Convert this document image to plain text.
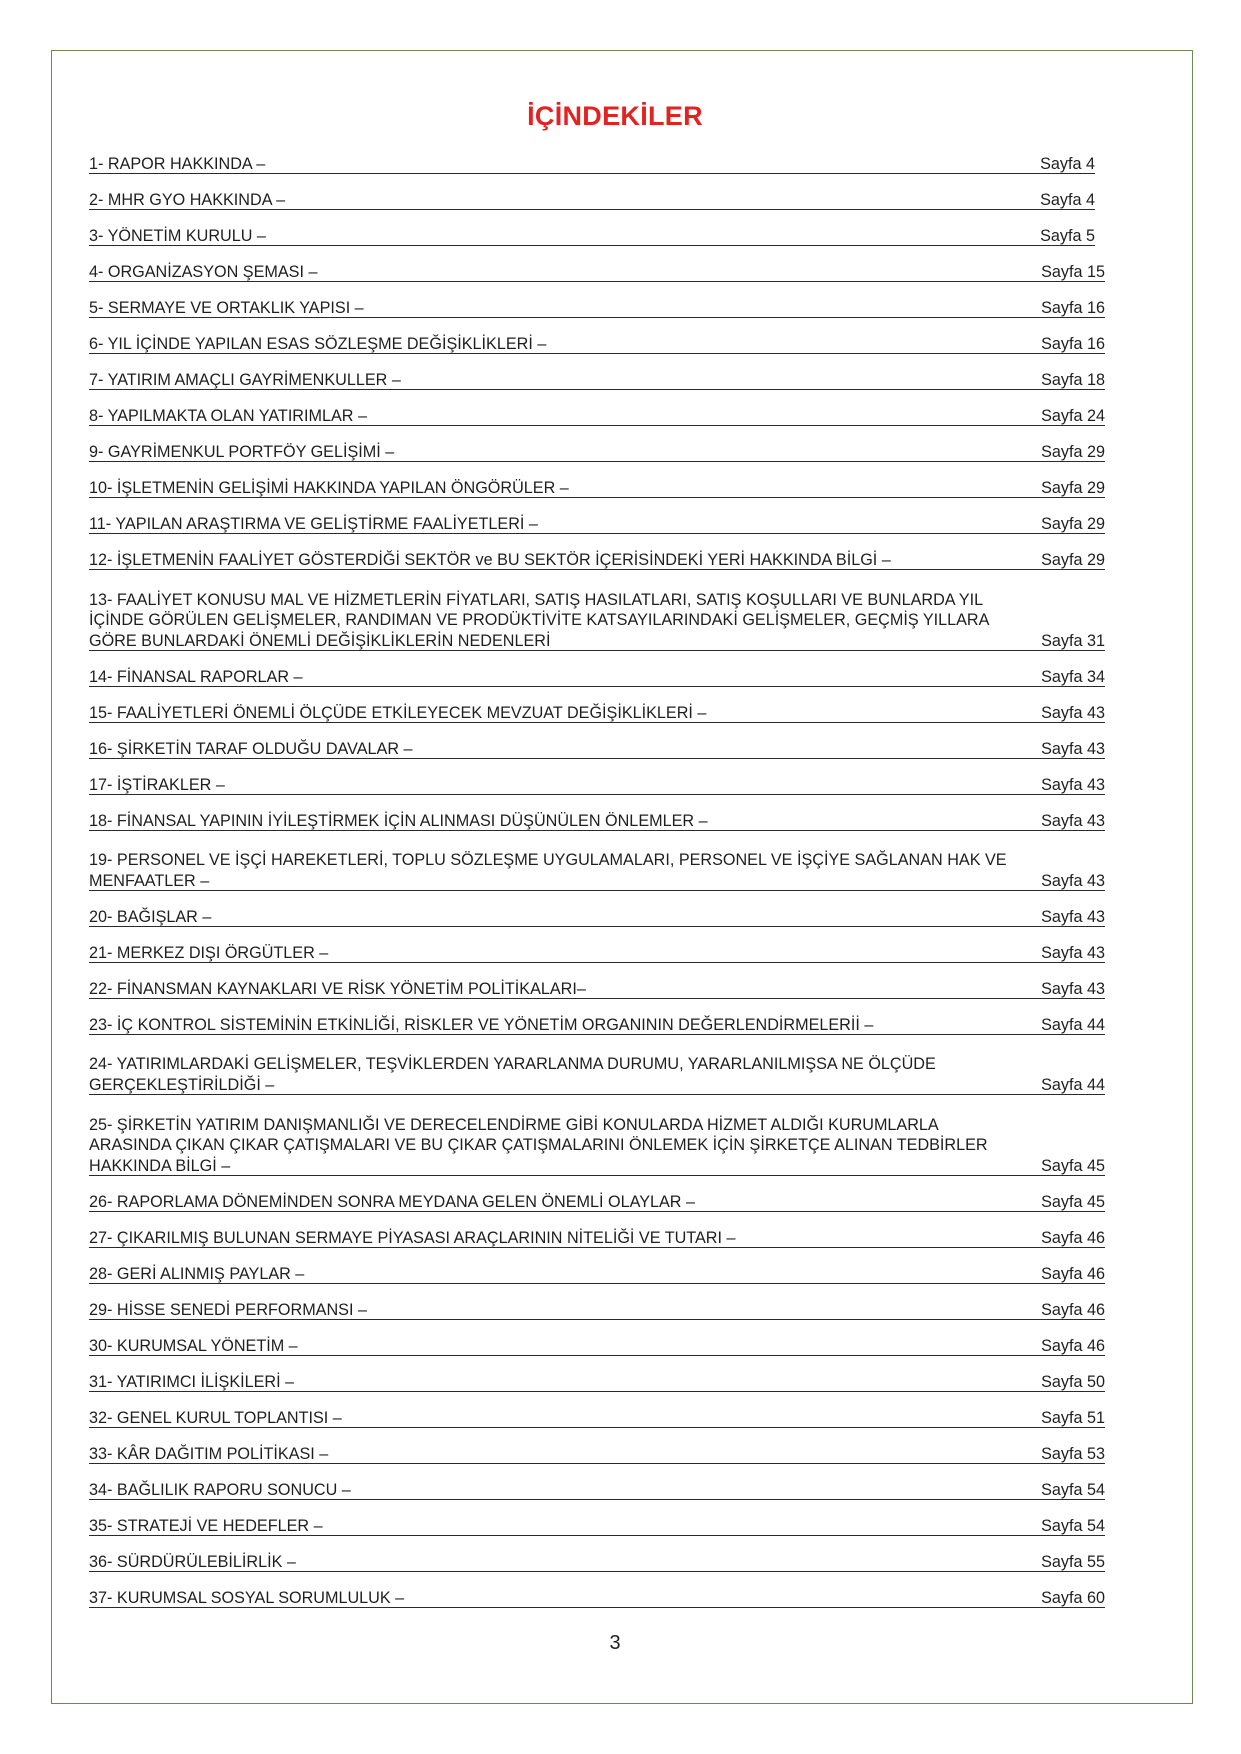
İÇİNDEKİLER
1- RAPOR HAKKINDA –	Sayfa 4
2- MHR GYO HAKKINDA –	Sayfa 4
3- YÖNETİM KURULU –	Sayfa 5
4- ORGANİZASYON ŞEMASI –	Sayfa 15
5- SERMAYE VE ORTAKLIK YAPISI –	Sayfa 16
6- YIL İÇİNDE YAPILAN ESAS SÖZLEŞME DEĞİŞİKLİKLERİ –	Sayfa 16
7- YATIRIM AMAÇLI GAYRİMENKULLER –	Sayfa 18
8- YAPILMAKTA OLAN YATIRIMLAR –	Sayfa 24
9- GAYRİMENKUL PORTFÖY GELİŞİMİ –	Sayfa 29
10- İŞLETMENİN GELİŞİMİ HAKKINDA YAPILAN ÖNGÖRÜLER –	Sayfa 29
11- YAPILAN ARAŞTIRMA VE GELİŞTİRME FAALİYETLERİ –	Sayfa 29
12- İŞLETMENİN FAALİYET GÖSTERDİĞİ SEKTÖR ve BU SEKTÖR İÇERİSİNDEKİ YERİ HAKKINDA BİLGİ –	Sayfa 29
13- FAALİYET KONUSU MAL VE HİZMETLERİN FİYATLARI, SATIŞ HASILATLARI, SATIŞ KOŞULLARI VE BUNLARDA YIL
İÇİNDE GÖRÜLEN GELİŞMELER, RANDIMAN VE PRODÜKTİVİTE KATSAYILARINDAKİ GELİŞMELER, GEÇMİŞ YILLARA
GÖRE BUNLARDAKİ ÖNEMLİ DEĞİŞİKLİKLERİN NEDENLERİ	Sayfa 31
14- FİNANSAL RAPORLAR –	Sayfa 34
15- FAALİYETLERİ ÖNEMLİ ÖLÇÜDE ETKİLEYECEK MEVZUAT DEĞİŞİKLİKLERİ –	Sayfa 43
16- ŞİRKETİN TARAF OLDUĞU DAVALAR –	Sayfa 43
17- İŞTİRAKLER –	Sayfa 43
18- FİNANSAL YAPININ İYİLEŞTİRMEK İÇİN ALINMASI DÜŞÜNÜLEN ÖNLEMLER –	Sayfa 43
19- PERSONEL VE İŞÇİ HAREKETLERİ, TOPLU SÖZLEŞME UYGULAMALARI, PERSONEL VE İŞÇİYE SAĞLANAN HAK VE
MENFAATLER –	Sayfa 43
20- BAĞIŞLAR –	Sayfa 43
21- MERKEZ DIŞI ÖRGÜTLER –	Sayfa 43
22- FİNANSMAN KAYNAKLARI VE RİSK YÖNETİM POLİTİKALARI–	Sayfa 43
23- İÇ KONTROL SİSTEMİNİN ETKİNLİĞİ, RİSKLER VE YÖNETİM ORGANININ DEĞERLENDİRMELERİİ –	Sayfa 44
24- YATIRIMLARDAKİ GELİŞMELER, TEŞVİKLERDEN YARARLANMA DURUMU, YARARLANILMIŞSA NE ÖLÇÜDE
GERÇEKLEŞTİRİLDİĞİ –	Sayfa 44
25- ŞİRKETİN YATIRIM DANIŞMANLIĞI VE DERECELENDİRME GİBİ KONULARDA HİZMET ALDIĞI KURUMLARLA
ARASINDA ÇIKAN ÇIKAR ÇATIŞMALARI VE BU ÇIKAR ÇATIŞMALARINI ÖNLEMEK İÇİN ŞİRKETÇE ALINAN TEDBİRLER
HAKKINDA BİLGİ –	Sayfa 45
26- RAPORLAMA DÖNEMİNDEN SONRA MEYDANA GELEN ÖNEMLİ OLAYLAR –	Sayfa 45
27- ÇIKARILMIŞ BULUNAN SERMAYE PİYASASI ARAÇLARININ NİTELİĞİ VE TUTARI –	Sayfa 46
28- GERİ ALINMIŞ PAYLAR –	Sayfa 46
29- HİSSE SENEDİ PERFORMANSI –	Sayfa 46
30- KURUMSAL YÖNETİM –	Sayfa 46
31- YATIRIMCI İLİŞKİLERİ –	Sayfa 50
32- GENEL KURUL TOPLANTISI –	Sayfa 51
33- KÂR DAĞITIM POLİTİKASI –	Sayfa 53
34- BAĞLILIK RAPORU SONUCU –	Sayfa 54
35- STRATEJİ VE HEDEFLER –	Sayfa 54
36- SÜRDÜRÜLEBİLİRLİK –	Sayfa 55
37- KURUMSAL SOSYAL SORUMLULUK –	Sayfa 60
3
